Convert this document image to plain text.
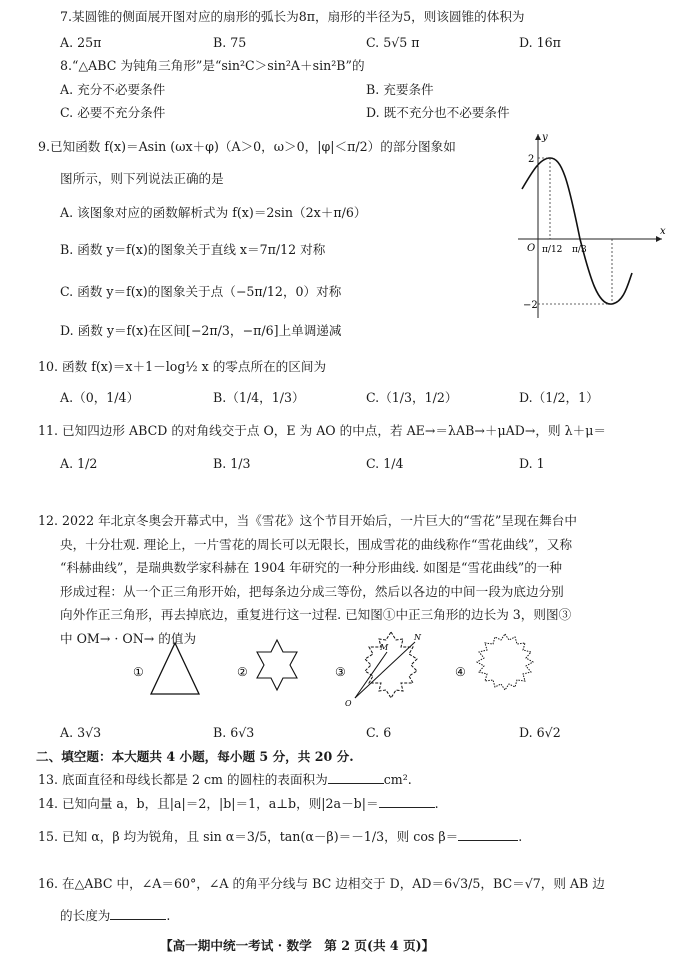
7.某圆锥的侧面展开图对应的扇形的弧长为8π，扇形的半径为5，则该圆锥的体积为
A. 25π	B. 75	C. 5√5 π	D. 16π
8.“△ABC 为钝角三角形”是“sin²C＞sin²A＋sin²B”的
A. 充分不必要条件	B. 充要条件
C. 必要不充分条件	D. 既不充分也不必要条件
9.已知函数 f(x)＝Asin (ωx＋φ)（A＞0，ω＞0，|φ|＜π/2）的部分图象如
图所示，则下列说法正确的是
A. 该图象对应的函数解析式为 f(x)＝2sin（2x＋π/6）
B. 函数 y＝f(x)的图象关于直线 x＝7π/12 对称
C. 函数 y＝f(x)的图象关于点（−5π/12，0）对称
D. 函数 y＝f(x)在区间[−2π/3，−π/6]上单调递减
y
x
O
2
−2
π/12 π/3
10. 函数 f(x)＝x＋1－log½ x 的零点所在的区间为
A.（0，1/4）	B.（1/4，1/3）	C.（1/3，1/2）	D.（1/2，1）
11. 已知四边形 ABCD 的对角线交于点 O，E 为 AO 的中点，若 AE→＝λAB→＋μAD→，则 λ＋μ＝
A. 1/2	B. 1/3	C. 1/4	D. 1
12. 2022 年北京冬奥会开幕式中，当《雪花》这个节目开始后，一片巨大的“雪花”呈现在舞台中
央，十分壮观. 理论上，一片雪花的周长可以无限长，围成雪花的曲线称作“雪花曲线”，又称
“科赫曲线”，是瑞典数学家科赫在 1904 年研究的一种分形曲线. 如图是“雪花曲线”的一种
形成过程：从一个正三角形开始，把每条边分成三等份，然后以各边的中间一段为底边分别
向外作正三角形，再去掉底边，重复进行这一过程. 已知图①中正三角形的边长为 3，则图③
中 OM→ · ON→ 的值为
①	②	③
O
M
N
④
A. 3√3	B. 6√3	C. 6	D. 6√2
二、填空题：本大题共 4 小题，每小题 5 分，共 20 分.
13. 底面直径和母线长都是 2 cm 的圆柱的表面积为	cm².
14. 已知向量 a，b，且|a|＝2，|b|＝1，a⊥b，则|2a－b|＝	.
15. 已知 α，β 均为锐角，且 sin α＝3/5，tan(α－β)＝－1/3，则 cos β＝	.
16. 在△ABC 中，∠A＝60°，∠A 的角平分线与 BC 边相交于 D，AD＝6√3/5，BC＝√7，则 AB 边
的长度为	.
【高一期中统一考试 · 数学　第 2 页(共 4 页)】
